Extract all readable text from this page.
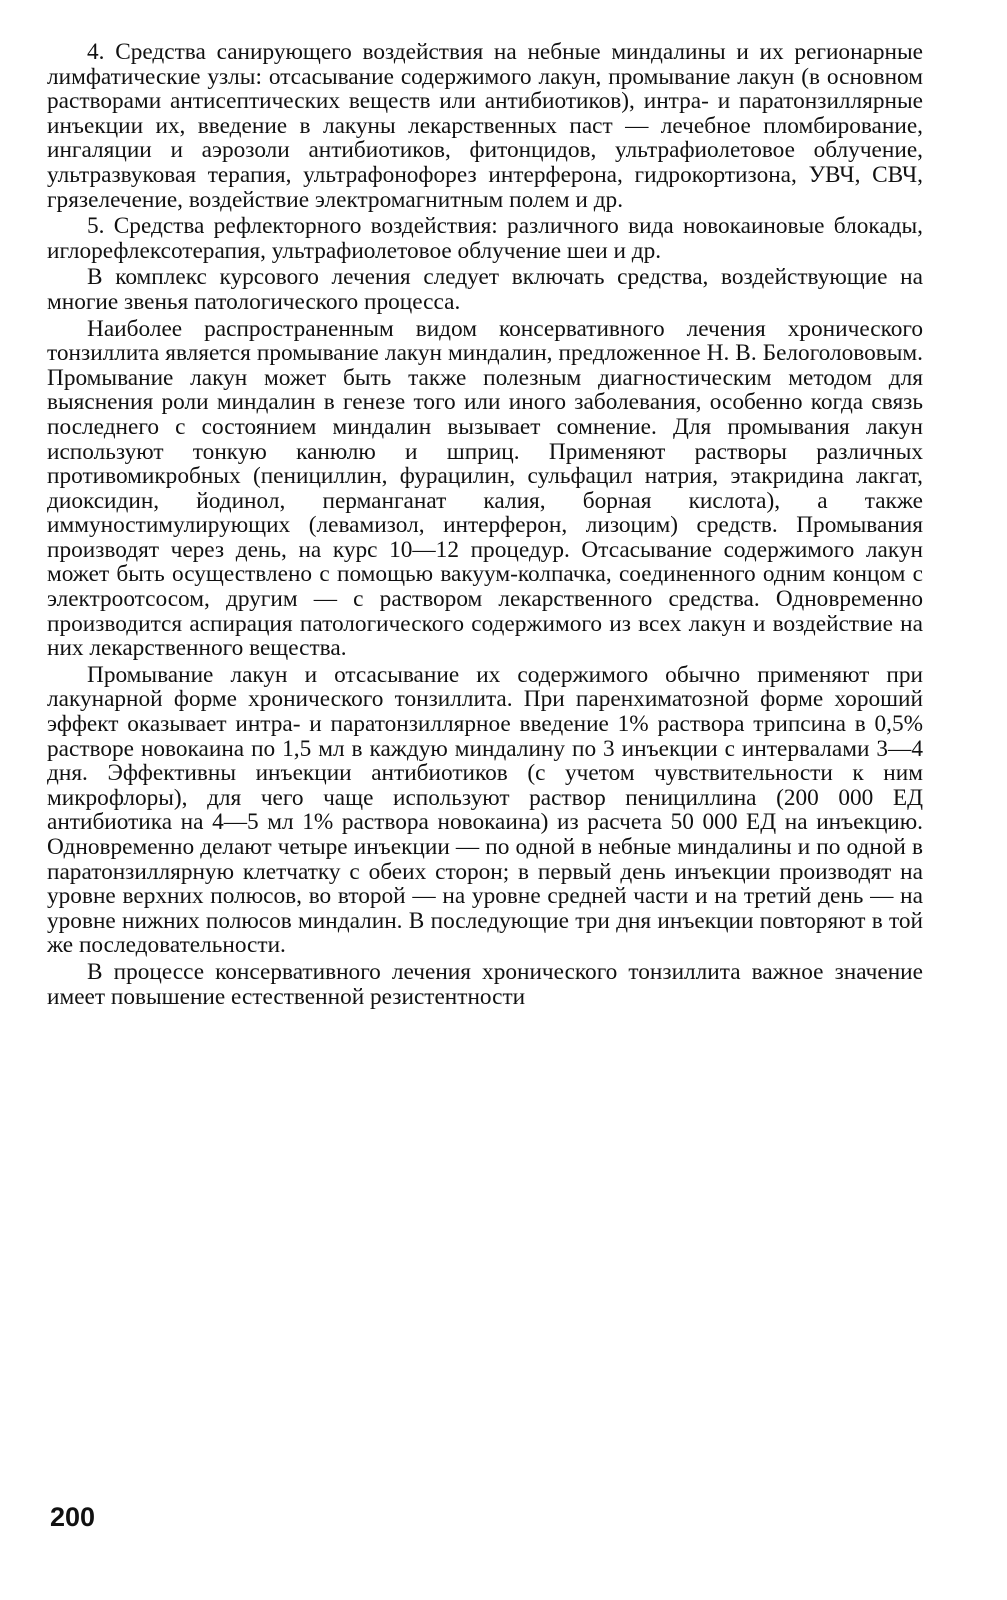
4. Средства санирующего воздействия на небные миндалины и их регионарные лимфатические узлы: отсасывание содержимого лакун, промывание лакун (в основном растворами антисептических веществ или антибиотиков), интра- и паратонзиллярные инъекции их, введение в лакуны лекарственных паст — лечебное пломбирование, ингаляции и аэрозоли антибиотиков, фитонцидов, ультрафиолетовое облучение, ультразвуковая терапия, ультрафонофорез интерферона, гидрокортизона, УВЧ, СВЧ, грязелечение, воздействие электромагнитным полем и др.

5. Средства рефлекторного воздействия: различного вида новокаиновые блокады, иглорефлексотерапия, ультрафиолетовое облучение шеи и др.

В комплекс курсового лечения следует включать средства, воздействующие на многие звенья патологического процесса.

Наиболее распространенным видом консервативного лечения хронического тонзиллита является промывание лакун миндалин, предложенное Н. В. Белоголововым. Промывание лакун может быть также полезным диагностическим методом для выяснения роли миндалин в генезе того или иного заболевания, особенно когда связь последнего с состоянием миндалин вызывает сомнение. Для промывания лакун используют тонкую канюлю и шприц. Применяют растворы различных противомикробных (пенициллин, фурацилин, сульфацил натрия, этакридина лакгат, диоксидин, йодинол, перманганат калия, борная кислота), а также иммуностимулирующих (левамизол, интерферон, лизоцим) средств. Промывания производят через день, на курс 10—12 процедур. Отсасывание содержимого лакун может быть осуществлено с помощью вакуум-колпачка, соединенного одним концом с электроотсосом, другим — с раствором лекарственного средства. Одновременно производится аспирация патологического содержимого из всех лакун и воздействие на них лекарственного вещества.

Промывание лакун и отсасывание их содержимого обычно применяют при лакунарной форме хронического тонзиллита. При паренхиматозной форме хороший эффект оказывает интра- и паратонзиллярное введение 1% раствора трипсина в 0,5% растворе новокаина по 1,5 мл в каждую миндалину по 3 инъекции с интервалами 3—4 дня. Эффективны инъекции антибиотиков (с учетом чувствительности к ним микрофлоры), для чего чаще используют раствор пенициллина (200 000 ЕД антибиотика на 4—5 мл 1% раствора новокаина) из расчета 50 000 ЕД на инъекцию. Одновременно делают четыре инъекции — по одной в небные миндалины и по одной в паратонзиллярную клетчатку с обеих сторон; в первый день инъекции производят на уровне верхних полюсов, во второй — на уровне средней части и на третий день — на уровне нижних полюсов миндалин. В последующие три дня инъекции повторяют в той же последовательности.

В процессе консервативного лечения хронического тонзиллита важное значение имеет повышение естественной резистентности

200
